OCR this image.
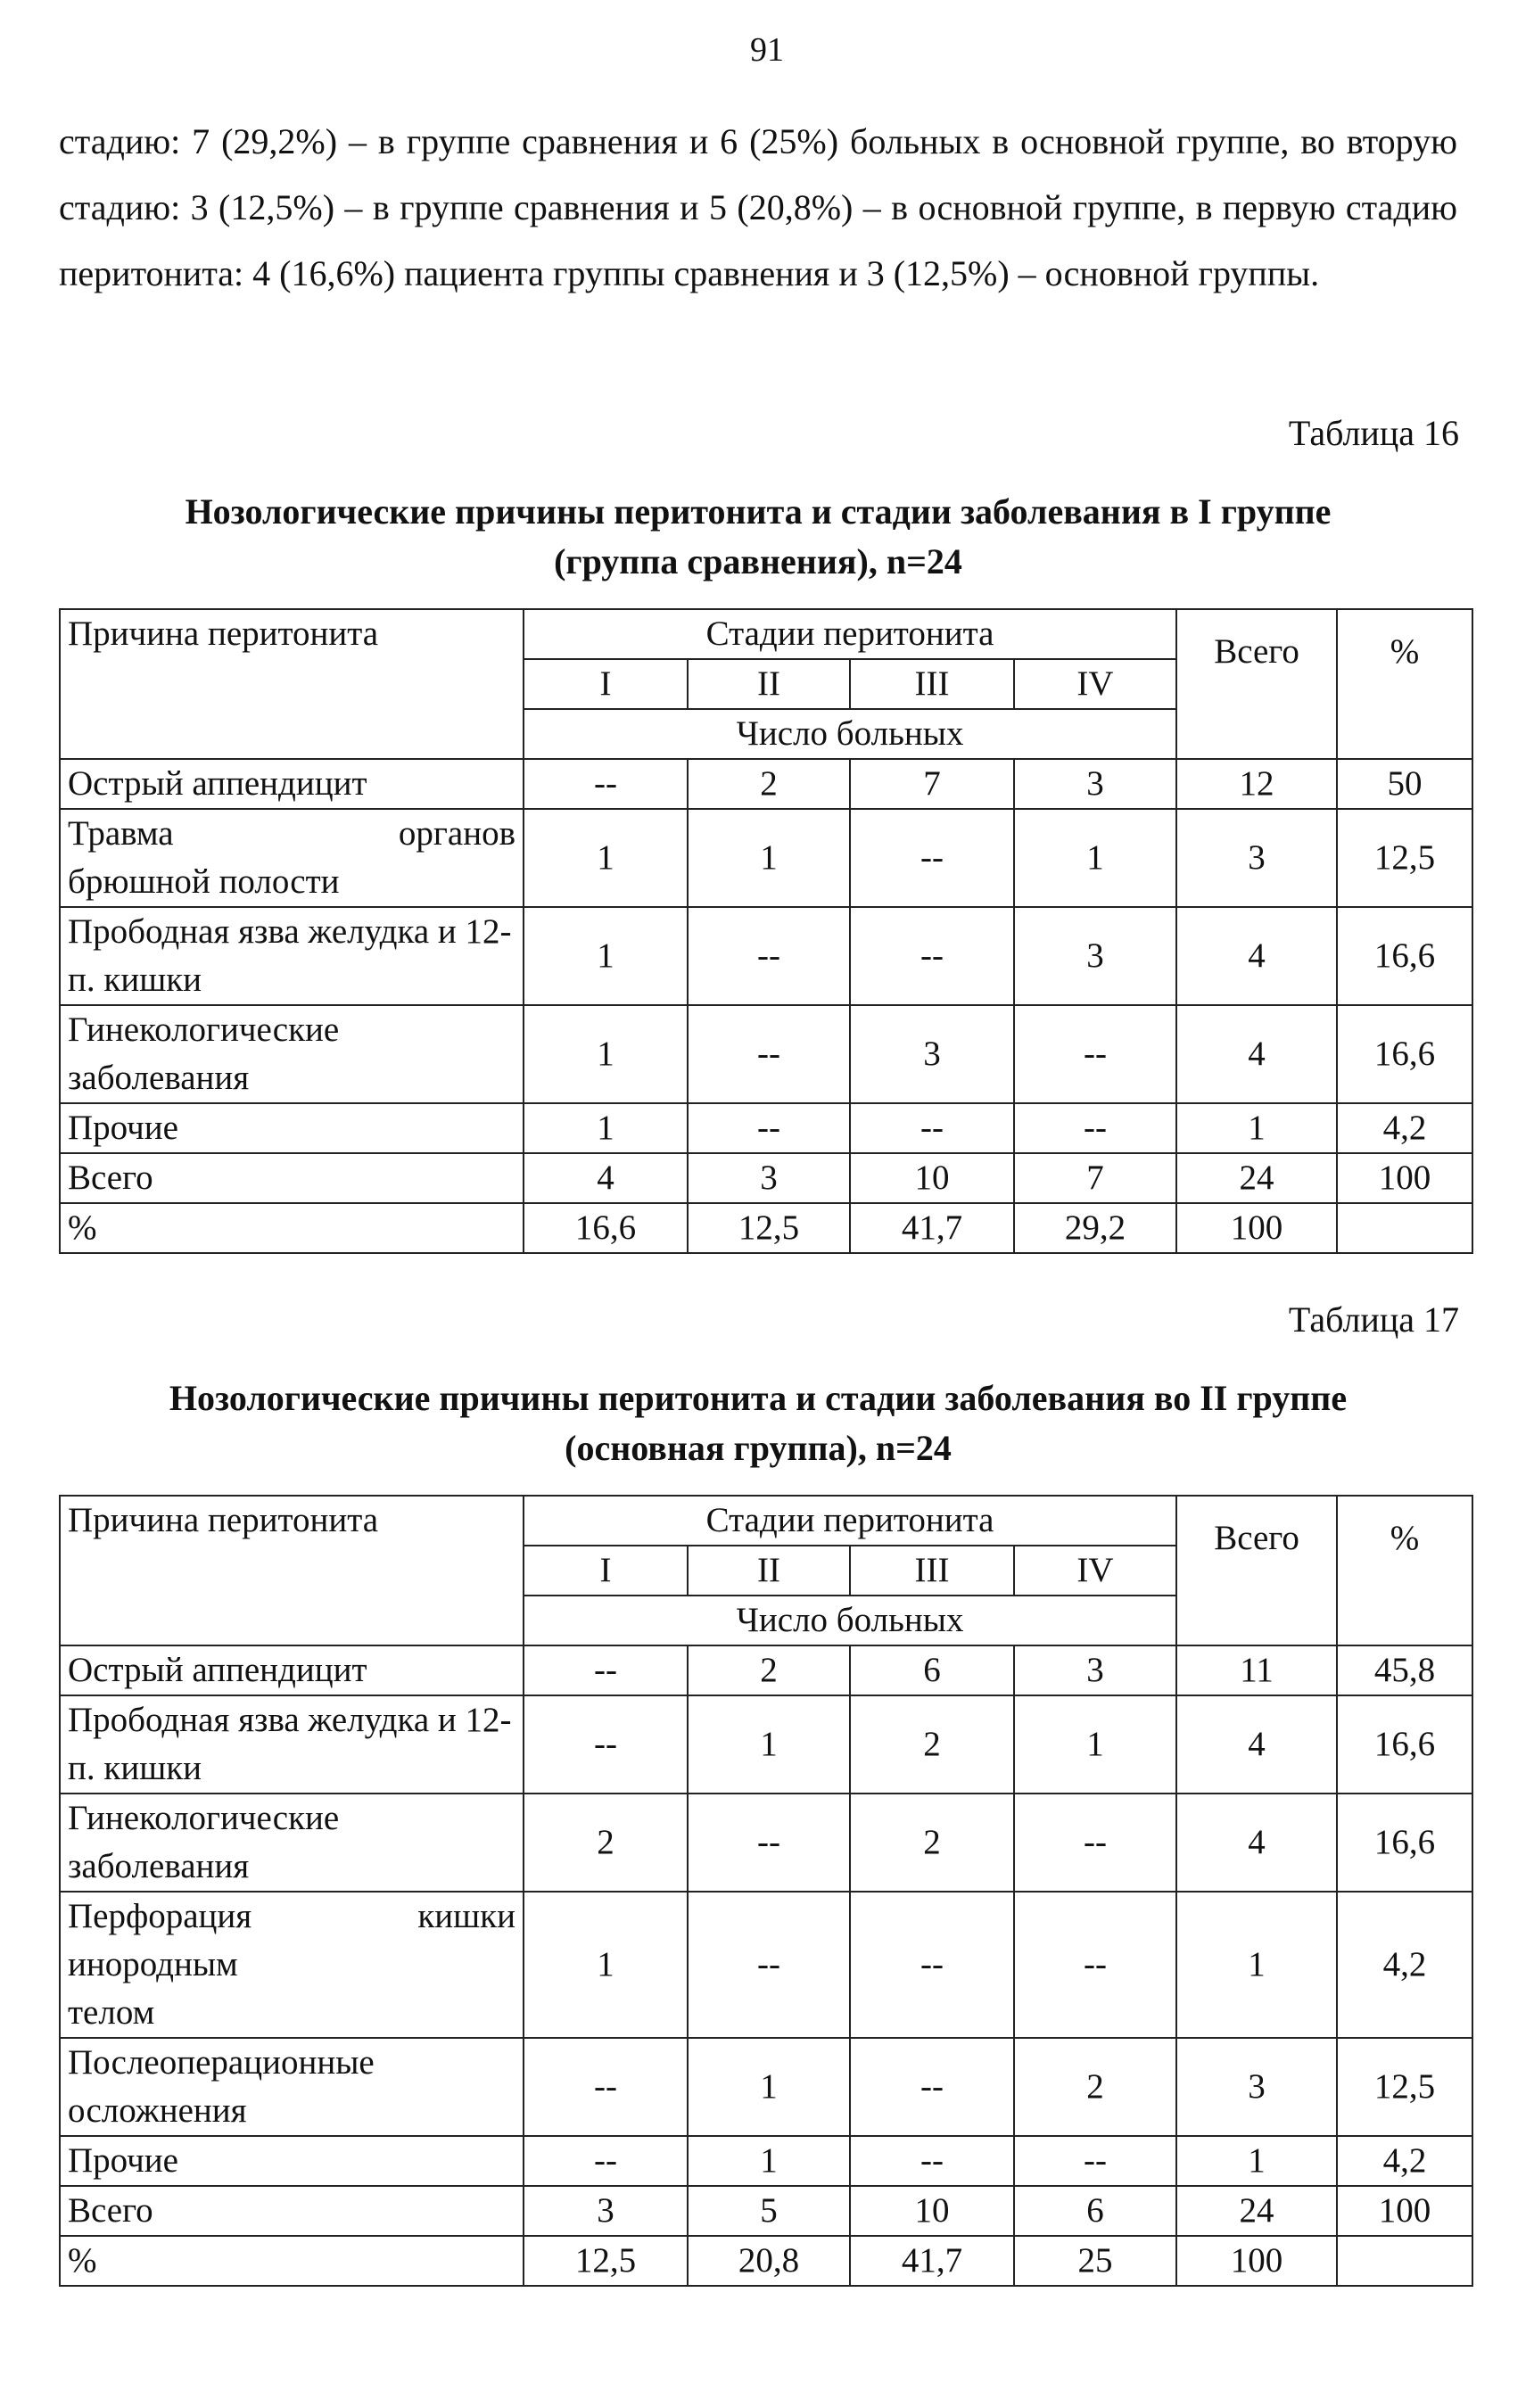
91
стадию: 7 (29,2%) – в группе сравнения и 6 (25%) больных в основной группе, во вторую стадию: 3 (12,5%) – в группе сравнения и 5 (20,8%) – в основной группе, в первую стадию перитонита: 4 (16,6%) пациента группы сравнения и 3 (12,5%) – основной группы.
Таблица 16
Нозологические причины перитонита и стадии заболевания в I группе
(группа сравнения), n=24
Причина перитонита	Стадии перитонита				Всего	%
	I	II	III	IV		
	Число больных					
Острый аппендицит	--	2	7	3	12	50

Травма органов
брюшной полости	1	1	--	1	3	12,5
Прободная язва желудка и 12-п. кишки	1	--	--	3	4	16,6
Гинекологические заболевания	1	--	3	--	4	16,6
Прочие	1	--	--	--	1	4,2
Всего	4	3	10	7	24	100
%	16,6	12,5	41,7	29,2	100	
Таблица 17
Нозологические причины перитонита и стадии заболевания во II группе
(основная группа), n=24
Причина перитонита	Стадии перитонита				Всего	%
	I	II	III	IV		
	Число больных					
Острый аппендицит	--	2	6	3	11	45,8
Прободная язва желудка и 12-п. кишки	--	1	2	1	4	16,6
Гинекологические заболевания	2	--	2	--	4	16,6

Перфорация кишки
инородным
телом	1	--	--	--	1	4,2
Послеоперационные осложнения	--	1	--	2	3	12,5
Прочие	--	1	--	--	1	4,2
Всего	3	5	10	6	24	100
%	12,5	20,8	41,7	25	100	
